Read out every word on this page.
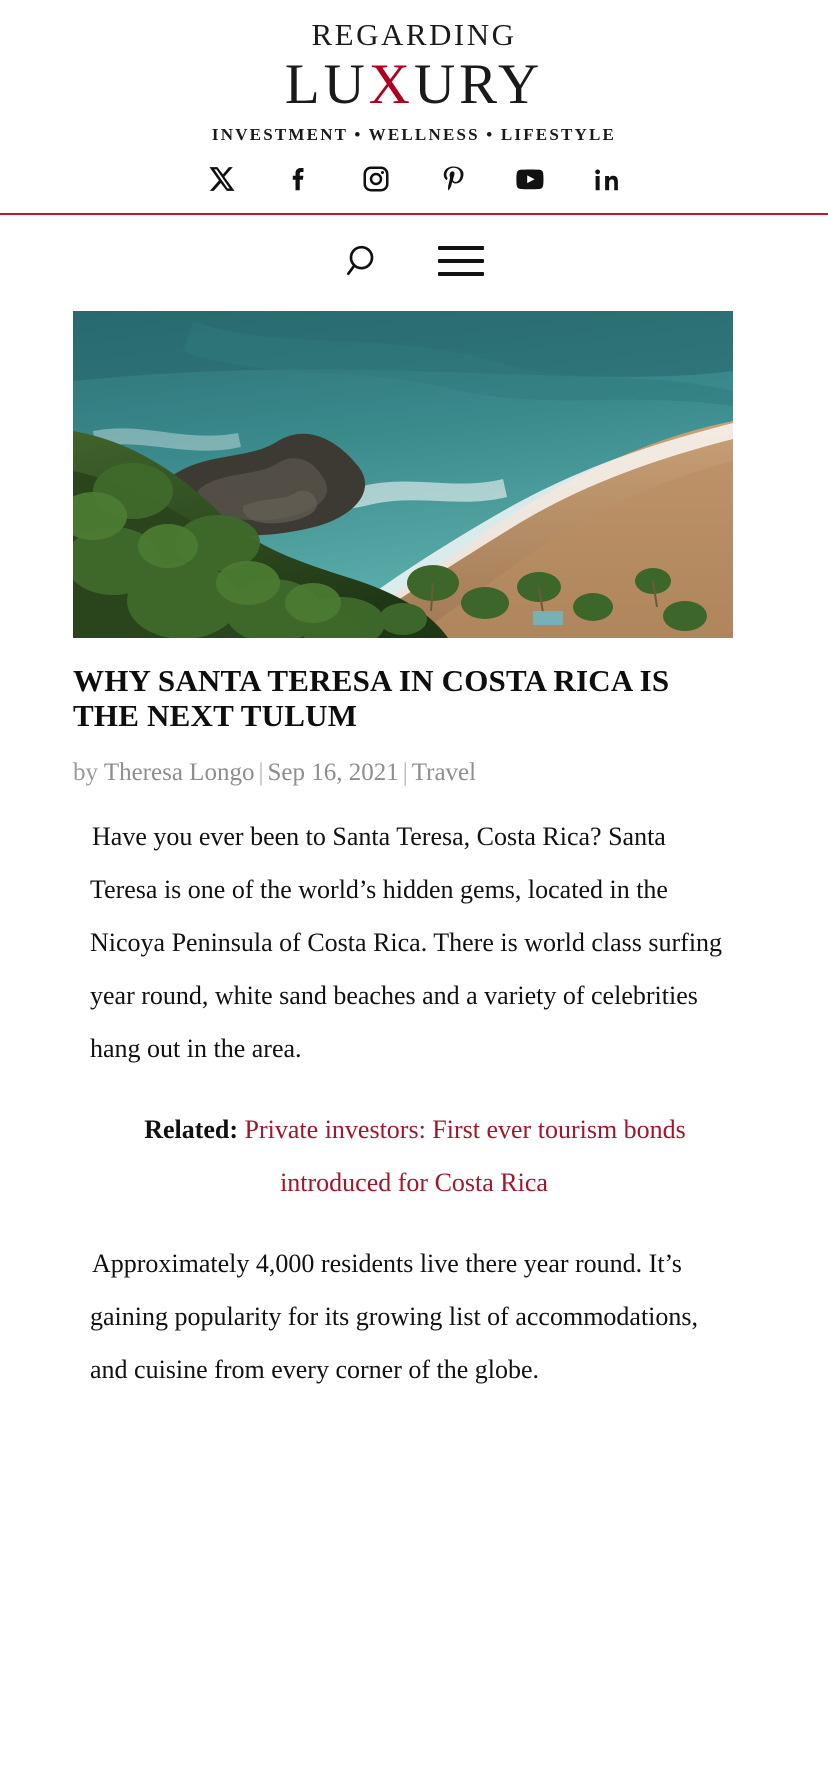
REGARDING
LUXURY
INVESTMENT • WELLNESS • LIFESTYLE
WHY SANTA TERESA IN COSTA RICA IS THE NEXT TULUM
by Theresa Longo | Sep 16, 2021 | Travel

Have you ever been to Santa Teresa, Costa Rica? Santa Teresa is one of the world’s hidden gems, located in the Nicoya Peninsula of Costa Rica. There is world class surfing year round, white sand beaches and a variety of celebrities hang out in the area.

Related: Private investors: First ever tourism bonds introduced for Costa Rica

Approximately 4,000 residents live there year round. It’s gaining popularity for its growing list of accommodations, and cuisine from every corner of the globe.
